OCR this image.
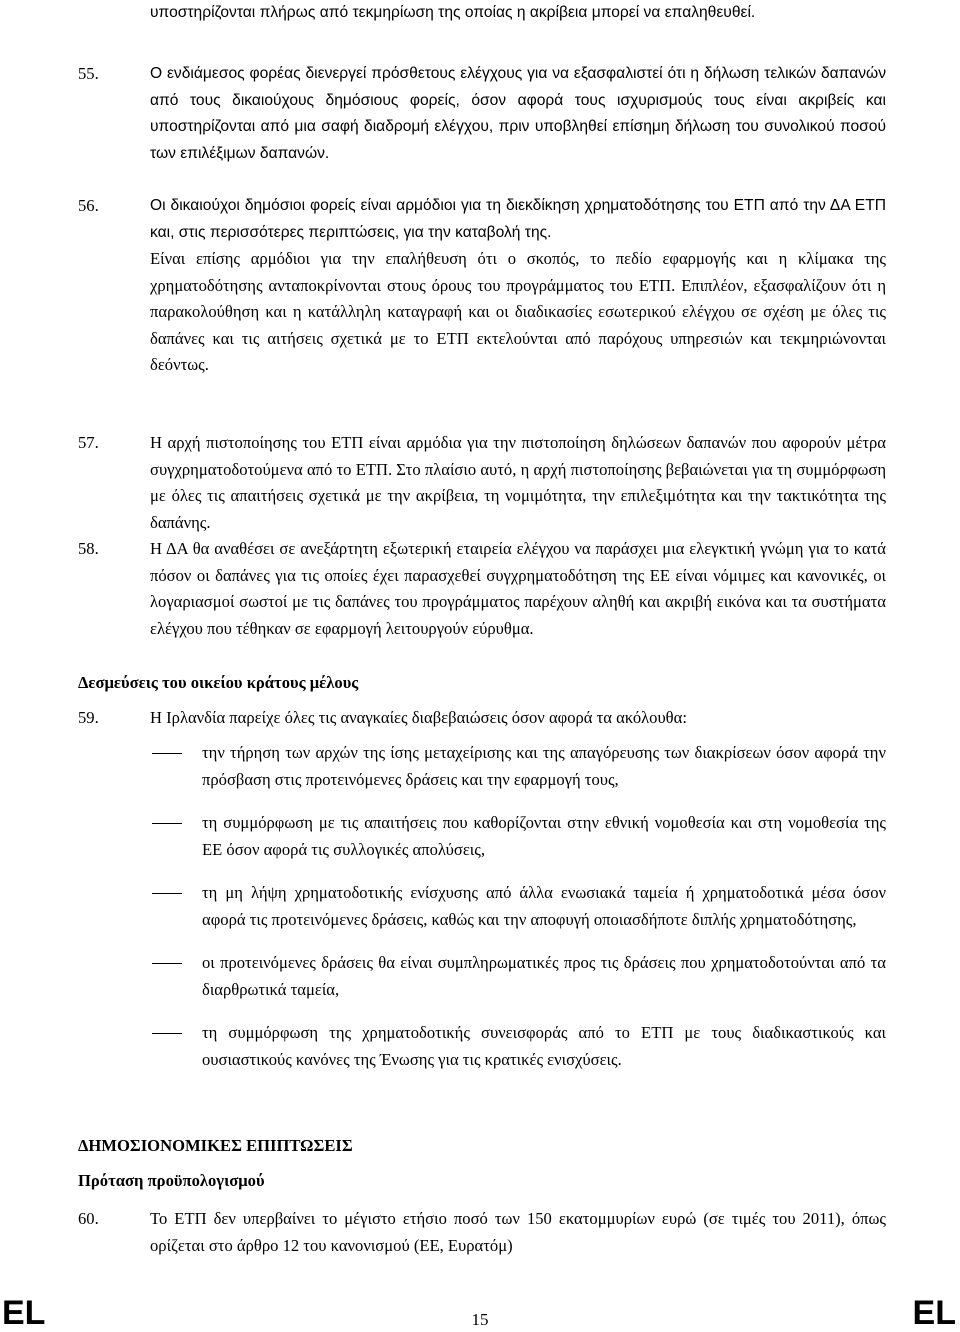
υποστηρίζονται πλήρως από τεκμηρίωση της οποίας η ακρίβεια μπορεί να επαληθευθεί.

55.	Ο ενδιάμεσος φορέας διενεργεί πρόσθετους ελέγχους για να εξασφαλιστεί ότι η δήλωση τελικών δαπανών από τους δικαιούχους δημόσιους φορείς, όσον αφορά τους ισχυρισμούς τους είναι ακριβείς και υποστηρίζονται από μια σαφή διαδρομή ελέγχου, πριν υποβληθεί επίσημη δήλωση του συνολικού ποσού των επιλέξιμων δαπανών.

56.	Οι δικαιούχοι δημόσιοι φορείς είναι αρμόδιοι για τη διεκδίκηση χρηματοδότησης του ΕΤΠ από την ΔΑ ΕΤΠ και, στις περισσότερες περιπτώσεις, για την καταβολή της.

Είναι επίσης αρμόδιοι για την επαλήθευση ότι ο σκοπός, το πεδίο εφαρμογής και η κλίμακα της χρηματοδότησης ανταποκρίνονται στους όρους του προγράμματος του ΕΤΠ. Επιπλέον, εξασφαλίζουν ότι η παρακολούθηση και η κατάλληλη καταγραφή και οι διαδικασίες εσωτερικού ελέγχου σε σχέση με όλες τις δαπάνες και τις αιτήσεις σχετικά με το ΕΤΠ εκτελούνται από παρόχους υπηρεσιών και τεκμηριώνονται δεόντως.

57.	Η αρχή πιστοποίησης του ΕΤΠ είναι αρμόδια για την πιστοποίηση δηλώσεων δαπανών που αφορούν μέτρα συγχρηματοδοτούμενα από το ΕΤΠ. Στο πλαίσιο αυτό, η αρχή πιστοποίησης βεβαιώνεται για τη συμμόρφωση με όλες τις απαιτήσεις σχετικά με την ακρίβεια, τη νομιμότητα, την επιλεξιμότητα και την τακτικότητα της δαπάνης.

58.	Η ΔΑ θα αναθέσει σε ανεξάρτητη εξωτερική εταιρεία ελέγχου να παράσχει μια ελεγκτική γνώμη για το κατά πόσον οι δαπάνες για τις οποίες έχει παρασχεθεί συγχρηματοδότηση της ΕΕ είναι νόμιμες και κανονικές, οι λογαριασμοί σωστοί με τις δαπάνες του προγράμματος παρέχουν αληθή και ακριβή εικόνα και τα συστήματα ελέγχου που τέθηκαν σε εφαρμογή λειτουργούν εύρυθμα.

Δεσμεύσεις του οικείου κράτους μέλους

59.	Η Ιρλανδία παρείχε όλες τις αναγκαίες διαβεβαιώσεις όσον αφορά τα ακόλουθα:

την τήρηση των αρχών της ίσης μεταχείρισης και της απαγόρευσης των διακρίσεων όσον αφορά την πρόσβαση στις προτεινόμενες δράσεις και την εφαρμογή τους,
τη συμμόρφωση με τις απαιτήσεις που καθορίζονται στην εθνική νομοθεσία και στη νομοθεσία της ΕΕ όσον αφορά τις συλλογικές απολύσεις,
τη μη λήψη χρηματοδοτικής ενίσχυσης από άλλα ενωσιακά ταμεία ή χρηματοδοτικά μέσα όσον αφορά τις προτεινόμενες δράσεις, καθώς και την αποφυγή οποιασδήποτε διπλής χρηματοδότησης,
οι προτεινόμενες δράσεις θα είναι συμπληρωματικές προς τις δράσεις που χρηματοδοτούνται από τα διαρθρωτικά ταμεία,
τη συμμόρφωση της χρηματοδοτικής συνεισφοράς από το ΕΤΠ με τους διαδικαστικούς και ουσιαστικούς κανόνες της Ένωσης για τις κρατικές ενισχύσεις.

ΔΗΜΟΣΙΟΝΟΜΙΚΕΣ ΕΠΙΠΤΩΣΕΙΣ

Πρόταση προϋπολογισμού

60.	Το ΕΤΠ δεν υπερβαίνει το μέγιστο ετήσιο ποσό των 150 εκατομμυρίων ευρώ (σε τιμές του 2011), όπως ορίζεται στο άρθρο 12 του κανονισμού (ΕΕ, Ευρατόμ)

EL	15	EL
